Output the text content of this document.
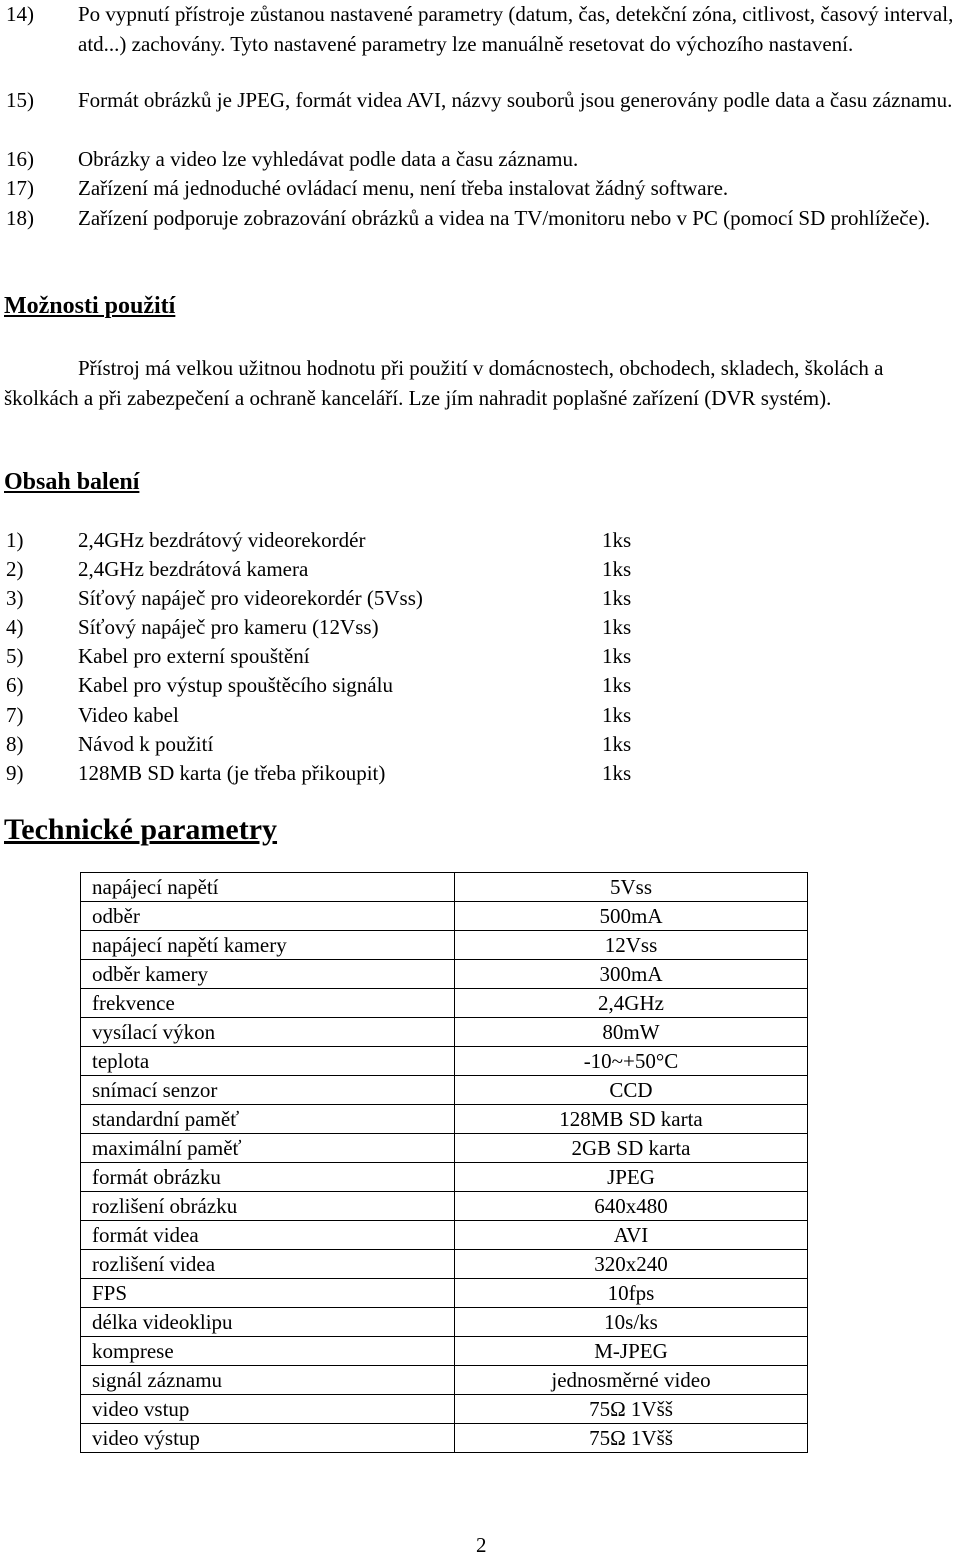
14) Po vypnutí přístroje zůstanou nastavené parametry (datum, čas, detekční zóna, citlivost, časový interval, atd...) zachovány. Tyto nastavené parametry lze manuálně resetovat do výchozího nastavení.
15) Formát obrázků je JPEG, formát videa AVI, názvy souborů jsou generovány podle data a času záznamu.
16) Obrázky a video lze vyhledávat podle data a času záznamu.
17) Zařízení má jednoduché ovládací menu, není třeba instalovat žádný software.
18) Zařízení podporuje zobrazování obrázků a videa na TV/monitoru nebo v PC (pomocí SD prohlížeče).
Možnosti použití
Přístroj má velkou užitnou hodnotu při použití v domácnostech, obchodech, skladech, školách a školkách a při zabezpečení a ochraně kanceláří. Lze jím nahradit poplašné zařízení (DVR systém).
Obsah balení
1)	2,4GHz bezdrátový videorekordér	1ks
2)	2,4GHz bezdrátová kamera	1ks
3)	Síťový napáječ pro videorekordér (5Vss)	1ks
4)	Síťový napáječ pro kameru (12Vss)	1ks
5)	Kabel pro externí spouštění	1ks
6)	Kabel pro výstup spouštěcího signálu	1ks
7)	Video kabel	1ks
8)	Návod k použití	1ks
9)	128MB SD karta (je třeba přikoupit)	1ks
Technické parametry
napájecí napětí	5Vss
odběr	500mA
napájecí napětí kamery	12Vss
odběr kamery	300mA
frekvence	2,4GHz
vysílací výkon	80mW
teplota	-10~+50°C
snímací senzor	CCD
standardní paměť	128MB SD karta
maximální paměť	2GB SD karta
formát obrázku	JPEG
rozlišení obrázku	640x480
formát videa	AVI
rozlišení videa	320x240
FPS	10fps
délka videoklipu	10s/ks
komprese	M-JPEG
signál záznamu	jednosměrné video
video vstup	75Ω 1Všš
video výstup	75Ω 1Všš
2
